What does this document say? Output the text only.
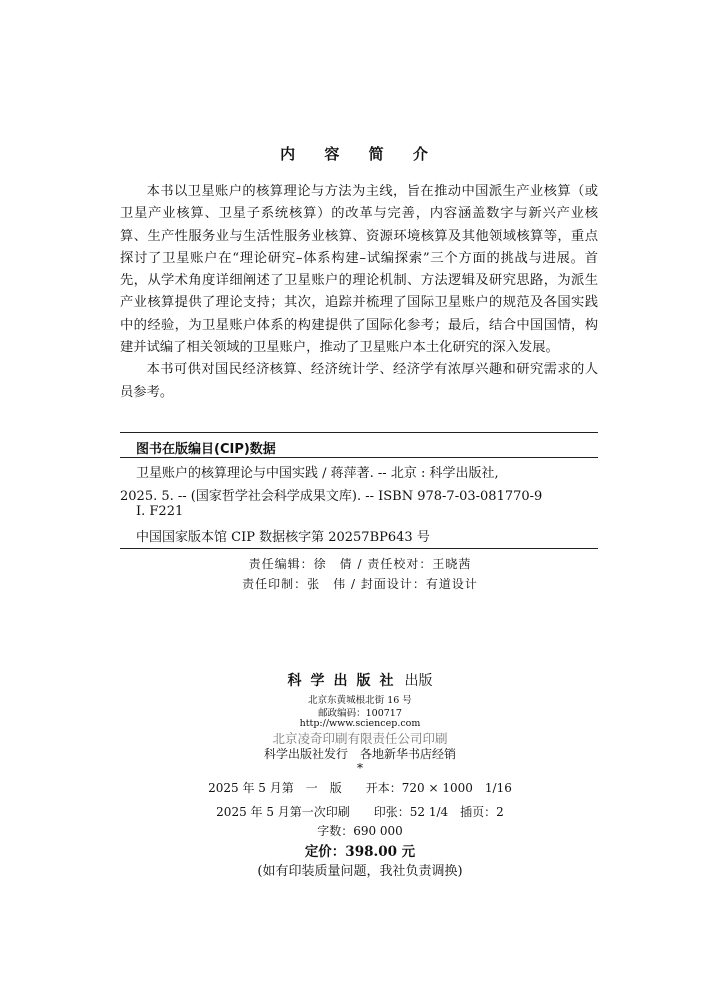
内 容 简 介

本书以卫星账户的核算理论与方法为主线，旨在推动中国派生产业核算（或卫星产业核算、卫星子系统核算）的改革与完善，内容涵盖数字与新兴产业核算、生产性服务业与生活性服务业核算、资源环境核算及其他领域核算等，重点探讨了卫星账户在“理论研究–体系构建–试编探索”三个方面的挑战与进展。首先，从学术角度详细阐述了卫星账户的理论机制、方法逻辑及研究思路，为派生产业核算提供了理论支持；其次，追踪并梳理了国际卫星账户的规范及各国实践中的经验，为卫星账户体系的构建提供了国际化参考；最后，结合中国国情，构建并试编了相关领域的卫星账户，推动了卫星账户本土化研究的深入发展。

本书可供对国民经济核算、经济统计学、经济学有浓厚兴趣和研究需求的人员参考。

图书在版编目(CIP)数据
卫星账户的核算理论与中国实践 / 蒋萍著. -- 北京 : 科学出版社,
2025. 5. -- (国家哲学社会科学成果文库). -- ISBN 978-7-03-081770-9
Ⅰ. F221
中国国家版本馆 CIP 数据核字第 20257BP643 号
责任编辑：徐　倩 / 责任校对：王晓茜
责任印制：张　伟 / 封面设计：有道设计
科学出版社 出版
北京东黄城根北街 16 号
邮政编码：100717
http://www.sciencep.com
北京凌奇印刷有限责任公司印刷
科学出版社发行　各地新华书店经销
*
2025 年 5 月第　一　版　　开本：720 × 1000　1/16
2025 年 5 月第一次印刷　　印张：52 1/4　插页：2
字数：690 000
定价：398.00 元
(如有印装质量问题，我社负责调换)
